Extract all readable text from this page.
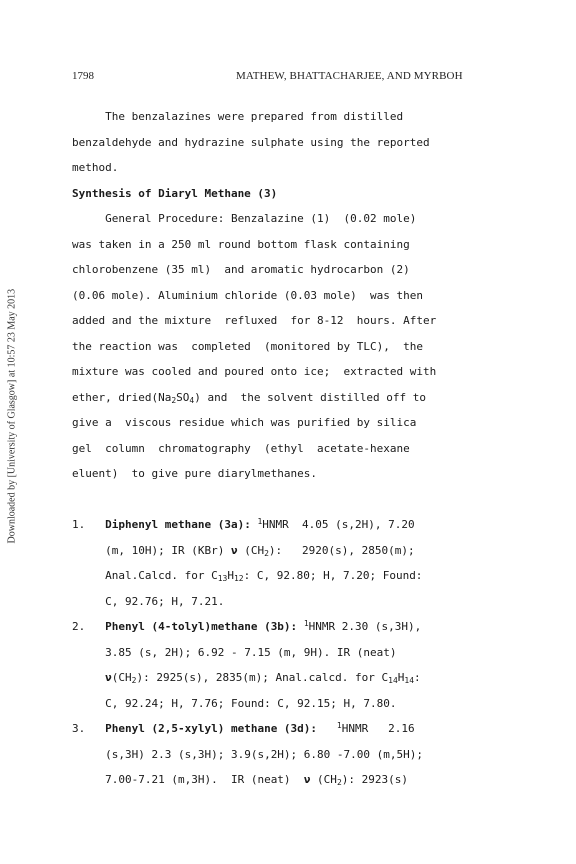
1798	MATHEW, BHATTACHARJEE, AND MYRBOH
Downloaded by [University of Glasgow] at 10:57 23 May 2013
The benzalazines were prepared from distilled
benzaldehyde and hydrazine sulphate using the reported
method.
Synthesis of Diaryl Methane (3)
General Procedure: Benzalazine (1)  (0.02 mole)
was taken in a 250 ml round bottom flask containing
chlorobenzene (35 ml)  and aromatic hydrocarbon (2)
(0.06 mole). Aluminium chloride (0.03 mole)  was then
added and the mixture  refluxed  for 8-12  hours. After
the reaction was  completed  (monitored by TLC),  the
mixture was cooled and poured onto ice;  extracted with
ether, $dried(Na_2SO_4)$ and  the solvent distilled off to
give a  viscous residue which was purified by silica
gel  column  chromatography  (ethyl  acetate-hexane
eluent)  to give pure diarylmethanes.

1. Diphenyl methane (3a): $^1$HNMR  4.05 (s,2H), 7.20
(m, 10H); IR (KBr) ν $(CH_2)$:   2920(s), 2850(m);
Anal.Calcd. for $C_{13}H_{12}$: C, 92.80; H, 7.20; Found:
C, 92.76; H, 7.21.
2. Phenyl (4-tolyl)methane (3b): $^1$HNMR 2.30 (s,3H),
3.85 (s, 2H); 6.92 - 7.15 (m, 9H). IR (neat)
$\nu(CH_2)$: 2925(s), 2835(m); Anal.calcd. for $C_{14}H_{14}$:
C, 92.24; H, 7.76; Found: C, 92.15; H, 7.80.
3. Phenyl (2,5-xylyl) methane (3d): $^1$HNMR   2.16
(s,3H) 2.3 (s,3H); 3.9(s,2H); 6.80 -7.00 (m,5H);
7.00-7.21 (m,3H).  IR (neat)  ν $(CH_2)$: 2923(s)
